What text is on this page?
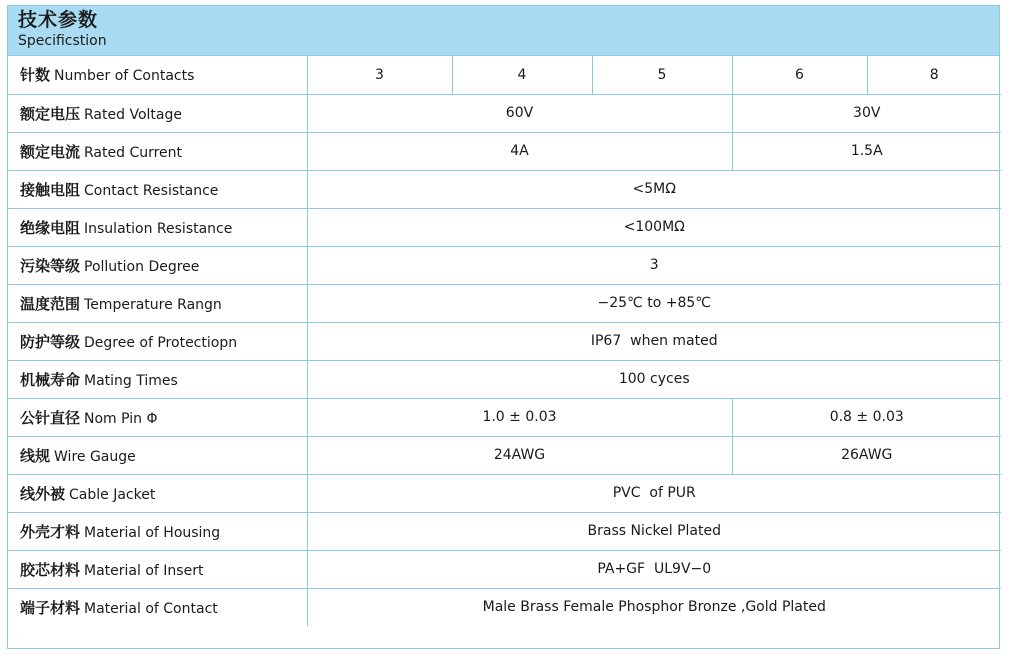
技术参数
Specificstion
针数 Number of Contacts	3	4	5	6	8
额定电压 Rated Voltage	60V			30V	
额定电流 Rated Current	4A			1.5A	
接触电阻 Contact Resistance	<5MΩ				
绝缘电阻 Insulation Resistance	<100MΩ				
污染等级 Pollution Degree	3				
温度范围 Temperature Rangn	−25℃ to +85℃				
防护等级 Degree of Protectiopn	IP67  when mated				
机械寿命 Mating Times	100 cyces				
公针直径 Nom Pin Φ	1.0 ± 0.03			0.8 ± 0.03	
线规 Wire Gauge	24AWG			26AWG	
线外被 Cable Jacket	PVC  of PUR				
外壳才料 Material of Housing	Brass Nickel Plated				
胶芯材料 Material of Insert	PA+GF  UL9V−0				
端子材料 Material of Contact	Male Brass Female Phosphor Bronze ,Gold Plated				
